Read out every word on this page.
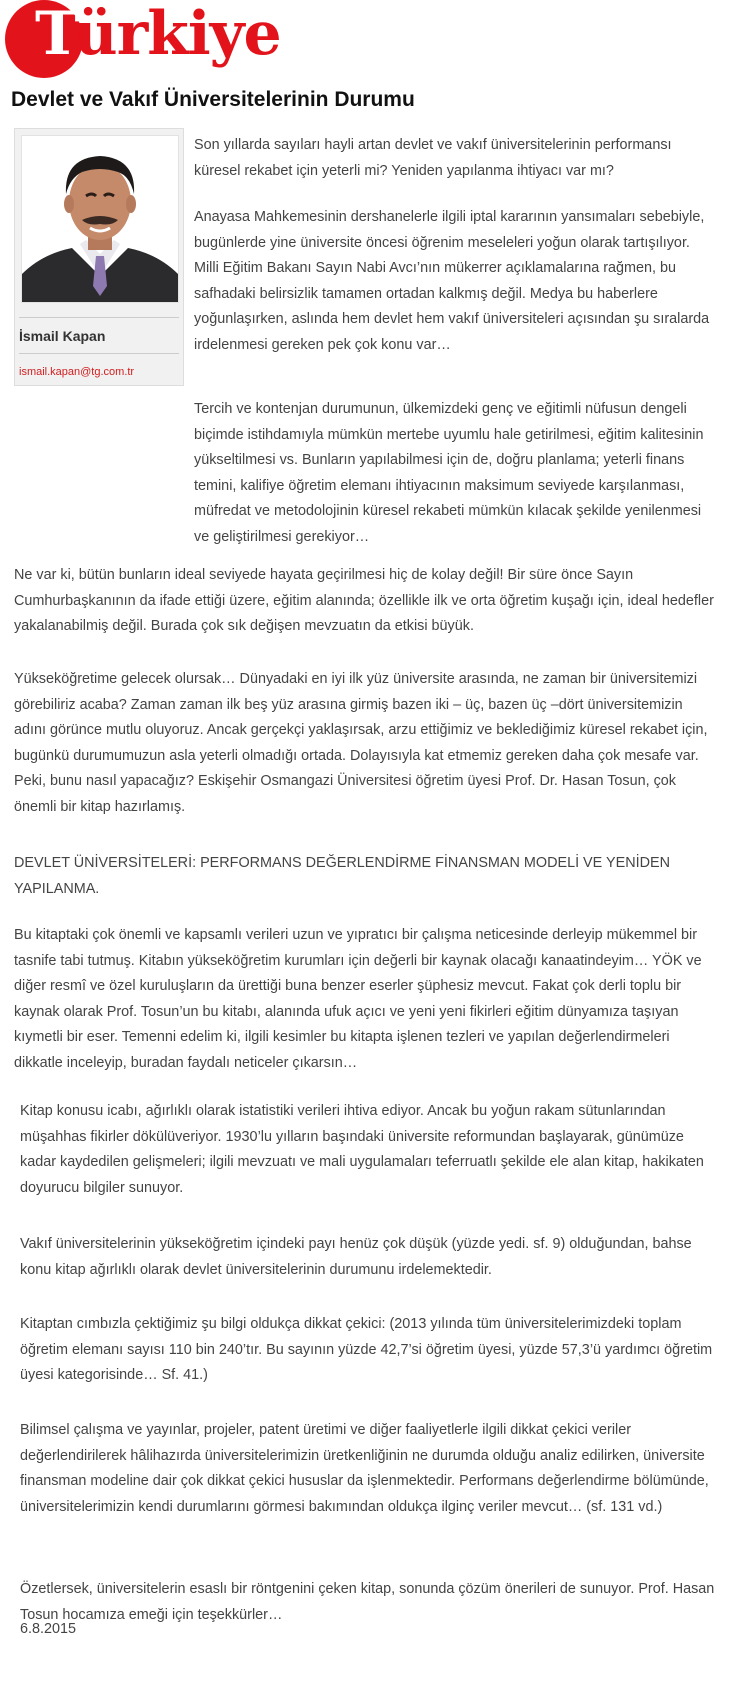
Türkiye
Devlet ve Vakıf Üniversitelerinin Durumu
İsmail Kapan
ismail.kapan@tg.com.tr

Son yıllarda sayıları hayli artan devlet ve vakıf üniversitelerinin performansı küresel rekabet için yeterli mi? Yeniden yapılanma ihtiyacı var mı?

Anayasa Mahkemesinin dershanelerle ilgili iptal kararının yansımaları sebebiyle, bugünlerde yine üniversite öncesi öğrenim meseleleri yoğun olarak tartışılıyor. Milli Eğitim Bakanı Sayın Nabi Avcı’nın mükerrer açıklamalarına rağmen, bu safhadaki belirsizlik tamamen ortadan kalkmış değil. Medya bu haberlere yoğunlaşırken, aslında hem devlet hem vakıf üniversiteleri açısından şu sıralarda irdelenmesi gereken pek çok konu var…

Tercih ve kontenjan durumunun, ülkemizdeki genç ve eğitimli nüfusun dengeli biçimde istihdamıyla mümkün mertebe uyumlu hale getirilmesi, eğitim kalitesinin yükseltilmesi vs. Bunların yapılabilmesi için de, doğru planlama; yeterli finans temini, kalifiye öğretim elemanı ihtiyacının maksimum seviyede karşılanması, müfredat ve metodolojinin küresel rekabeti mümkün kılacak şekilde yenilenmesi ve geliştirilmesi gerekiyor…

Ne var ki, bütün bunların ideal seviyede hayata geçirilmesi hiç de kolay değil! Bir süre önce Sayın Cumhurbaşkanının da ifade ettiği üzere, eğitim alanında; özellikle ilk ve orta öğretim kuşağı için, ideal hedefler yakalanabilmiş değil. Burada çok sık değişen mevzuatın da etkisi büyük.

Yükseköğretime gelecek olursak… Dünyadaki en iyi ilk yüz üniversite arasında, ne zaman bir üniversitemizi görebiliriz acaba? Zaman zaman ilk beş yüz arasına girmiş bazen iki – üç, bazen üç –dört üniversitemizin adını görünce mutlu oluyoruz. Ancak gerçekçi yaklaşırsak, arzu ettiğimiz ve beklediğimiz küresel rekabet için, bugünkü durumumuzun asla yeterli olmadığı ortada. Dolayısıyla kat etmemiz gereken daha çok mesafe var. Peki, bunu nasıl yapacağız? Eskişehir Osmangazi Üniversitesi öğretim üyesi Prof. Dr. Hasan Tosun, çok önemli bir kitap hazırlamış.

DEVLET ÜNİVERSİTELERİ: PERFORMANS DEĞERLENDİRME FİNANSMAN MODELİ VE YENİDEN YAPILANMA.

Bu kitaptaki çok önemli ve kapsamlı verileri uzun ve yıpratıcı bir çalışma neticesinde derleyip mükemmel bir tasnife tabi tutmuş. Kitabın yükseköğretim kurumları için değerli bir kaynak olacağı kanaatindeyim… YÖK ve diğer resmî ve özel kuruluşların da ürettiği buna benzer eserler şüphesiz mevcut. Fakat çok derli toplu bir kaynak olarak Prof. Tosun’un bu kitabı, alanında ufuk açıcı ve yeni yeni fikirleri eğitim dünyamıza taşıyan kıymetli bir eser. Temenni edelim ki, ilgili kesimler bu kitapta işlenen tezleri ve yapılan değerlendirmeleri dikkatle inceleyip, buradan faydalı neticeler çıkarsın…

Kitap konusu icabı, ağırlıklı olarak istatistiki verileri ihtiva ediyor. Ancak bu yoğun rakam sütunlarından müşahhas fikirler dökülüveriyor. 1930’lu yılların başındaki üniversite reformundan başlayarak, günümüze kadar kaydedilen gelişmeleri; ilgili mevzuatı ve mali uygulamaları teferruatlı şekilde ele alan kitap, hakikaten doyurucu bilgiler sunuyor.

Vakıf üniversitelerinin yükseköğretim içindeki payı henüz çok düşük (yüzde yedi. sf. 9) olduğundan, bahse konu kitap ağırlıklı olarak devlet üniversitelerinin durumunu irdelemektedir.

Kitaptan cımbızla çektiğimiz şu bilgi oldukça dikkat çekici: (2013 yılında tüm üniversitelerimizdeki toplam öğretim elemanı sayısı 110 bin 240’tır. Bu sayının yüzde 42,7’si öğretim üyesi, yüzde 57,3’ü yardımcı öğretim üyesi kategorisinde… Sf. 41.)

Bilimsel çalışma ve yayınlar, projeler, patent üretimi ve diğer faaliyetlerle ilgili dikkat çekici veriler değerlendirilerek hâlihazırda üniversitelerimizin üretkenliğinin ne durumda olduğu analiz edilirken, üniversite finansman modeline dair çok dikkat çekici hususlar da işlenmektedir. Performans değerlendirme bölümünde, üniversitelerimizin kendi durumlarını görmesi bakımından oldukça ilginç veriler mevcut… (sf. 131 vd.)

Özetlersek, üniversitelerin esaslı bir röntgenini çeken kitap, sonunda çözüm önerileri de sunuyor. Prof. Hasan Tosun hocamıza emeği için teşekkürler…

6.8.2015
